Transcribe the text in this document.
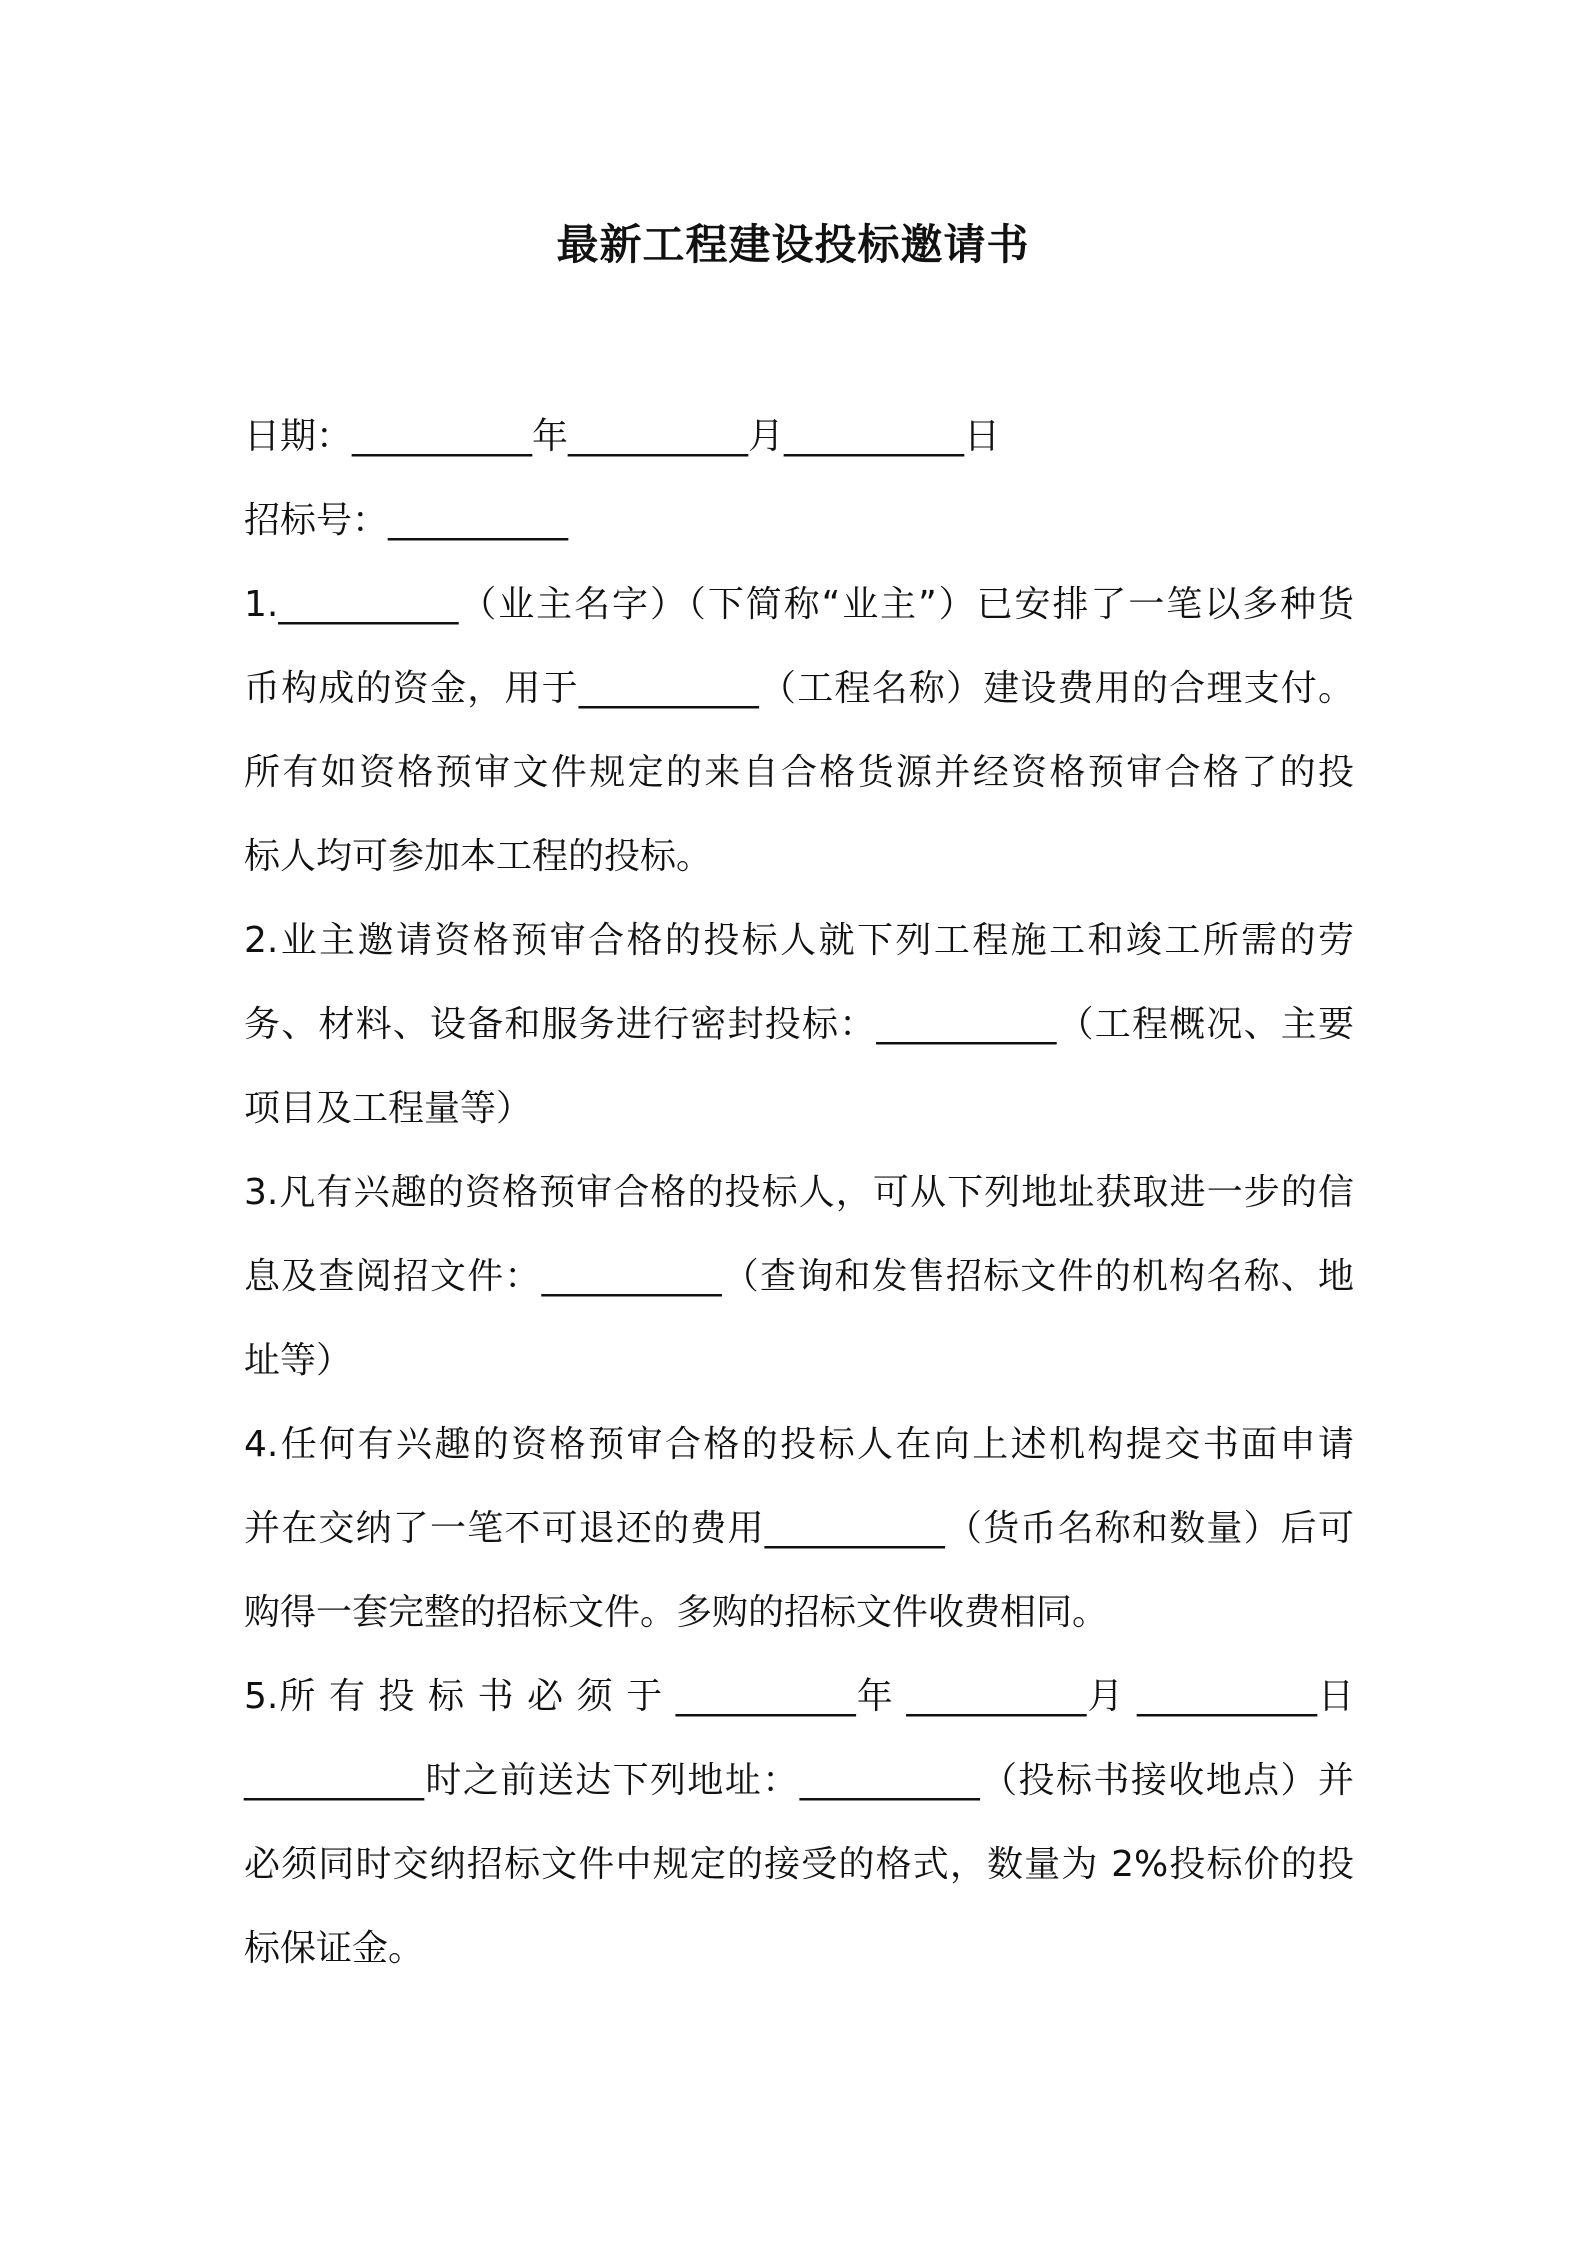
最新工程建设投标邀请书
日期：__________年__________月__________日
招标号：__________
1.__________（业主名字）（下简称“业主”）已安排了一笔以多种货
币构成的资金，用于__________（工程名称）建设费用的合理支付。
所有如资格预审文件规定的来自合格货源并经资格预审合格了的投
标人均可参加本工程的投标。
2.业主邀请资格预审合格的投标人就下列工程施工和竣工所需的劳
务、材料、设备和服务进行密封投标：__________（工程概况、主要
项目及工程量等）
3.凡有兴趣的资格预审合格的投标人，可从下列地址获取进一步的信
息及查阅招文件：__________（查询和发售招标文件的机构名称、地
址等）
4.任何有兴趣的资格预审合格的投标人在向上述机构提交书面申请
并在交纳了一笔不可退还的费用__________（货币名称和数量）后可
购得一套完整的招标文件。多购的招标文件收费相同。
5.所 有 投 标 书 必 须 于 __________年 __________月 __________日
__________时之前送达下列地址：__________（投标书接收地点）并
必须同时交纳招标文件中规定的接受的格式，数量为 2%投标价的投
标保证金。
